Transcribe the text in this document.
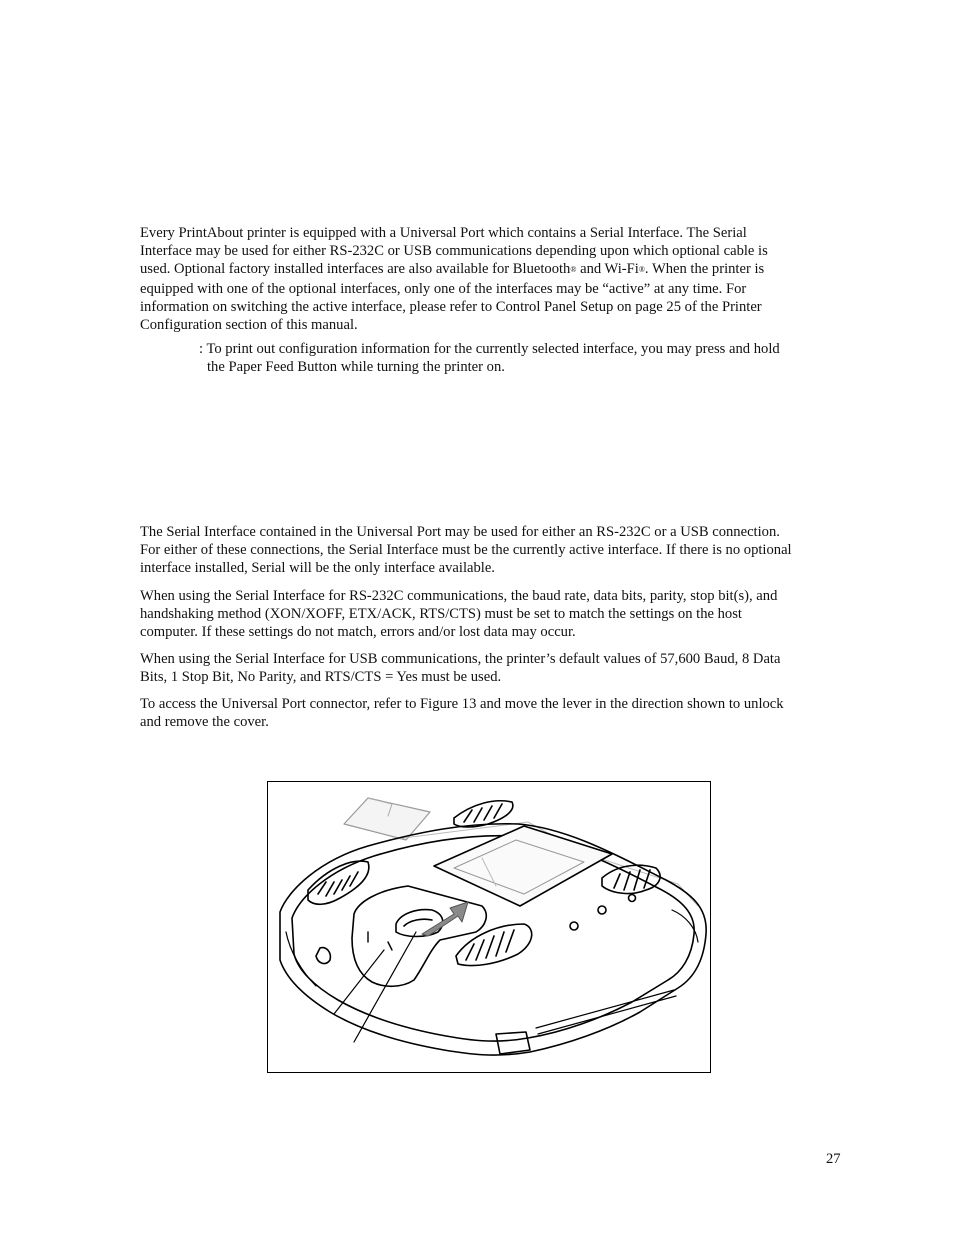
Every PrintAbout printer is equipped with a Universal Port which contains a Serial Interface. The Serial
Interface may be used for either RS-232C or USB communications depending upon which optional cable is
used. Optional factory installed interfaces are also available for Bluetooth® and Wi-Fi®. When the printer is
equipped with one of the optional interfaces, only one of the interfaces may be “active” at any time. For
information on switching the active interface, please refer to Control Panel Setup on page 25 of the Printer
Configuration section of this manual.
: To print out configuration information for the currently selected interface, you may press and hold
the Paper Feed Button while turning the printer on.
The Serial Interface contained in the Universal Port may be used for either an RS-232C or a USB connection.
For either of these connections, the Serial Interface must be the currently active interface. If there is no optional
interface installed, Serial will be the only interface available.
When using the Serial Interface for RS-232C communications, the baud rate, data bits, parity, stop bit(s), and
handshaking method (XON/XOFF, ETX/ACK, RTS/CTS) must be set to match the settings on the host
computer. If these settings do not match, errors and/or lost data may occur.
When using the Serial Interface for USB communications, the printer’s default values of 57,600 Baud, 8 Data
Bits, 1 Stop Bit, No Parity, and RTS/CTS = Yes must be used.
To access the Universal Port connector, refer to Figure 13 and move the lever in the direction shown to unlock
and remove the cover.
27
